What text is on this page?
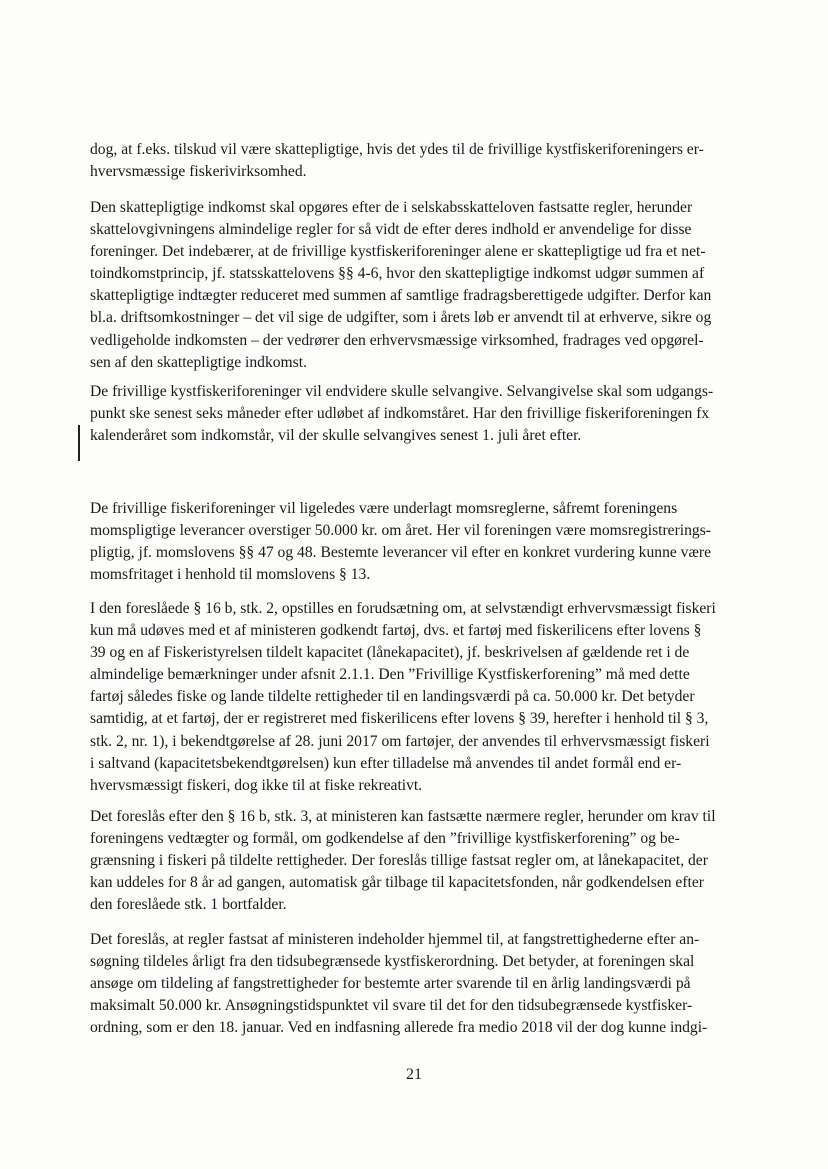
dog, at f.eks. tilskud vil være skattepligtige, hvis det ydes til de frivillige kystfiskeriforeningers er-
hvervsmæssige fiskerivirksomhed.

Den skattepligtige indkomst skal opgøres efter de i selskabsskatteloven fastsatte regler, herunder
skattelovgivningens almindelige regler for så vidt de efter deres indhold er anvendelige for disse
foreninger. Det indebærer, at de frivillige kystfiskeriforeninger alene er skattepligtige ud fra et net-
toindkomstprincip, jf. statsskattelovens §§ 4-6, hvor den skattepligtige indkomst udgør summen af
skattepligtige indtægter reduceret med summen af samtlige fradragsberettigede udgifter. Derfor kan
bl.a. driftsomkostninger – det vil sige de udgifter, som i årets løb er anvendt til at erhverve, sikre og
vedligeholde indkomsten – der vedrører den erhvervsmæssige virksomhed, fradrages ved opgørel-
sen af den skattepligtige indkomst.

De frivillige kystfiskeriforeninger vil endvidere skulle selvangive. Selvangivelse skal som udgangs-
punkt ske senest seks måneder efter udløbet af indkomståret. Har den frivillige fiskeriforeningen fx
kalenderåret som indkomstår, vil der skulle selvangives senest 1. juli året efter.

De frivillige fiskeriforeninger vil ligeledes være underlagt momsreglerne, såfremt foreningens
momspligtige leverancer overstiger 50.000 kr. om året. Her vil foreningen være momsregistrerings-
pligtig, jf. momslovens §§ 47 og 48. Bestemte leverancer vil efter en konkret vurdering kunne være
momsfritaget i henhold til momslovens § 13.

I den foreslåede § 16 b, stk. 2, opstilles en forudsætning om, at selvstændigt erhvervsmæssigt fiskeri
kun må udøves med et af ministeren godkendt fartøj, dvs. et fartøj med fiskerilicens efter lovens §
39 og en af Fiskeristyrelsen tildelt kapacitet (lånekapacitet), jf. beskrivelsen af gældende ret i de
almindelige bemærkninger under afsnit 2.1.1. Den ”Frivillige Kystfiskerforening” må med dette
fartøj således fiske og lande tildelte rettigheder til en landingsværdi på ca. 50.000 kr. Det betyder
samtidig, at et fartøj, der er registreret med fiskerilicens efter lovens § 39, herefter i henhold til § 3,
stk. 2, nr. 1), i bekendtgørelse af 28. juni 2017 om fartøjer, der anvendes til erhvervsmæssigt fiskeri
i saltvand (kapacitetsbekendtgørelsen) kun efter tilladelse må anvendes til andet formål end er-
hvervsmæssigt fiskeri, dog ikke til at fiske rekreativt.

Det foreslås efter den § 16 b, stk. 3, at ministeren kan fastsætte nærmere regler, herunder om krav til
foreningens vedtægter og formål, om godkendelse af den ”frivillige kystfiskerforening” og be-
grænsning i fiskeri på tildelte rettigheder. Der foreslås tillige fastsat regler om, at lånekapacitet, der
kan uddeles for 8 år ad gangen, automatisk går tilbage til kapacitetsfonden, når godkendelsen efter
den foreslåede stk. 1 bortfalder.

Det foreslås, at regler fastsat af ministeren indeholder hjemmel til, at fangstrettighederne efter an-
søgning tildeles årligt fra den tidsubegrænsede kystfiskerordning. Det betyder, at foreningen skal
ansøge om tildeling af fangstrettigheder for bestemte arter svarende til en årlig landingsværdi på
maksimalt 50.000 kr. Ansøgningstidspunktet vil svare til det for den tidsubegrænsede kystfisker-
ordning, som er den 18. januar. Ved en indfasning allerede fra medio 2018 vil der dog kunne indgi-

21
